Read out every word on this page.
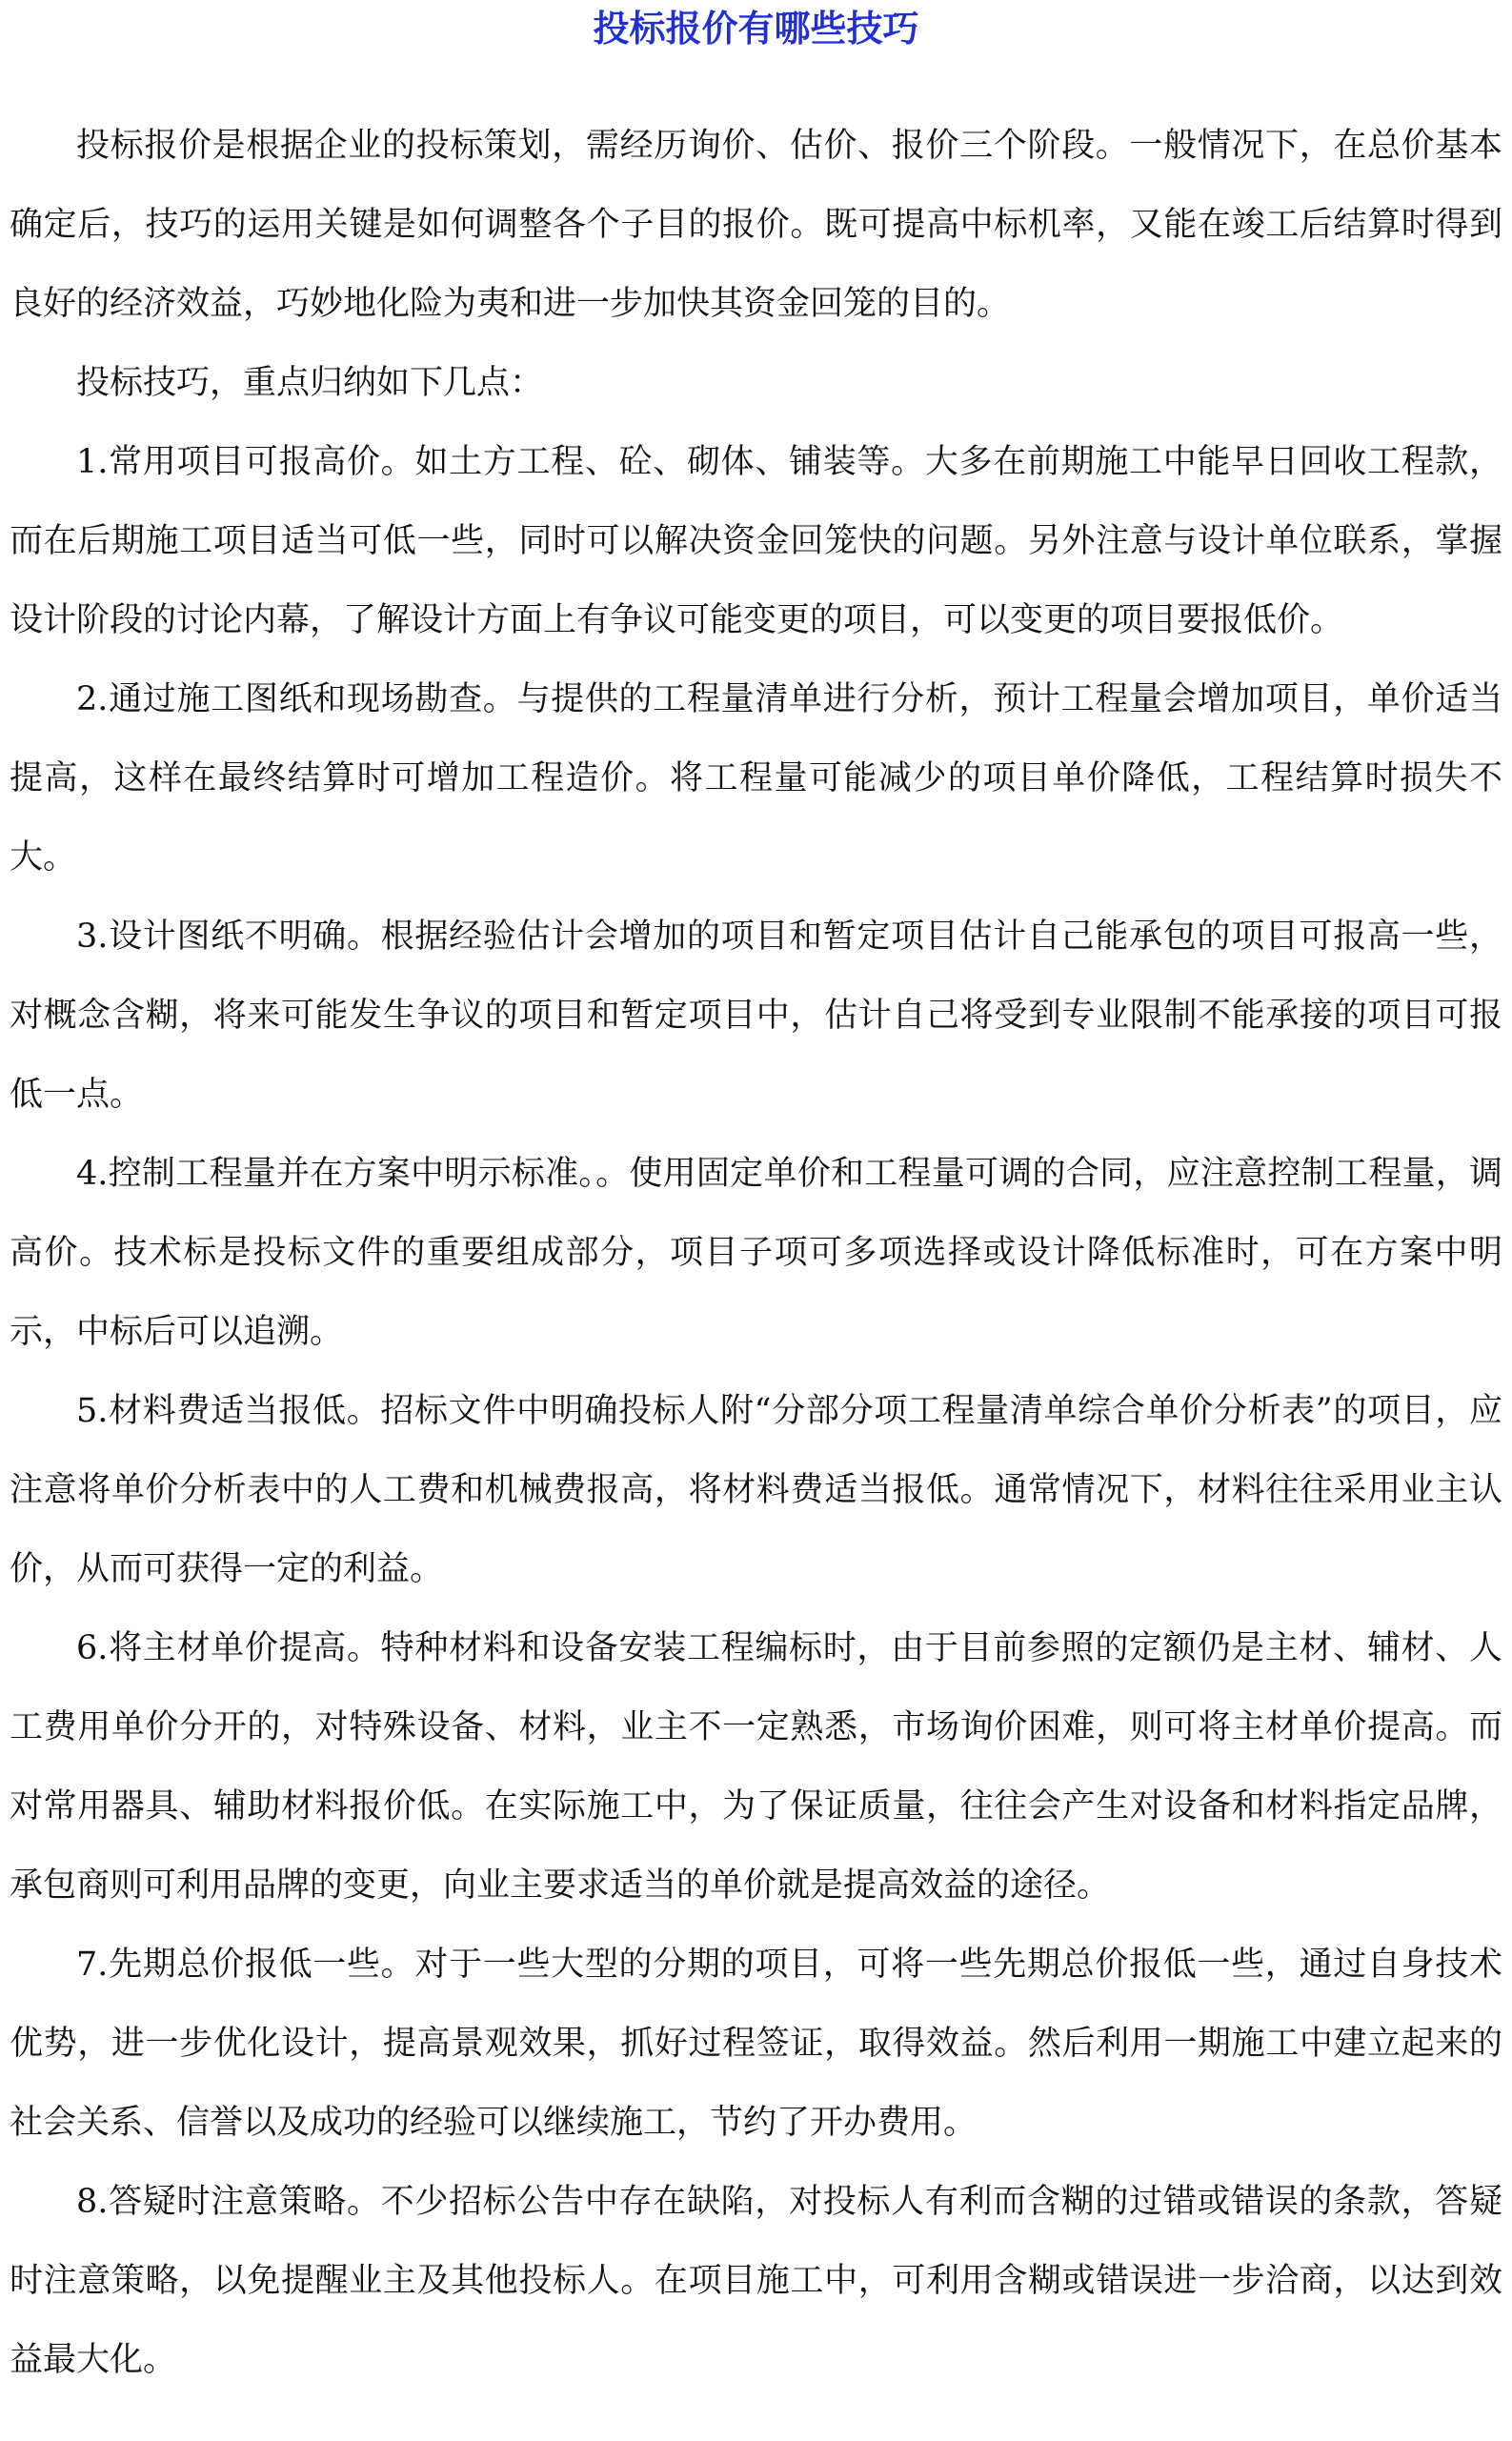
投标报价有哪些技巧

投标报价是根据企业的投标策划，需经历询价、估价、报价三个阶段。一般情况下，在总价基本确定后，技巧的运用关键是如何调整各个子目的报价。既可提高中标机率，又能在竣工后结算时得到良好的经济效益，巧妙地化险为夷和进一步加快其资金回笼的目的。

投标技巧，重点归纳如下几点：

1.常用项目可报高价。如土方工程、砼、砌体、铺装等。大多在前期施工中能早日回收工程款，而在后期施工项目适当可低一些，同时可以解决资金回笼快的问题。另外注意与设计单位联系，掌握设计阶段的讨论内幕，了解设计方面上有争议可能变更的项目，可以变更的项目要报低价。

2.通过施工图纸和现场勘查。与提供的工程量清单进行分析，预计工程量会增加项目，单价适当提高，这样在最终结算时可增加工程造价。将工程量可能减少的项目单价降低，工程结算时损失不大。

3.设计图纸不明确。根据经验估计会增加的项目和暂定项目估计自己能承包的项目可报高一些，对概念含糊，将来可能发生争议的项目和暂定项目中，估计自己将受到专业限制不能承接的项目可报低一点。

4.控制工程量并在方案中明示标准。。使用固定单价和工程量可调的合同，应注意控制工程量，调高价。技术标是投标文件的重要组成部分，项目子项可多项选择或设计降低标准时，可在方案中明示，中标后可以追溯。

5.材料费适当报低。招标文件中明确投标人附“分部分项工程量清单综合单价分析表”的项目，应注意将单价分析表中的人工费和机械费报高，将材料费适当报低。通常情况下，材料往往采用业主认价，从而可获得一定的利益。

6.将主材单价提高。特种材料和设备安装工程编标时，由于目前参照的定额仍是主材、辅材、人工费用单价分开的，对特殊设备、材料，业主不一定熟悉，市场询价困难，则可将主材单价提高。而对常用器具、辅助材料报价低。在实际施工中，为了保证质量，往往会产生对设备和材料指定品牌，承包商则可利用品牌的变更，向业主要求适当的单价就是提高效益的途径。

7.先期总价报低一些。对于一些大型的分期的项目，可将一些先期总价报低一些，通过自身技术优势，进一步优化设计，提高景观效果，抓好过程签证，取得效益。然后利用一期施工中建立起来的社会关系、信誉以及成功的经验可以继续施工，节约了开办费用。

8.答疑时注意策略。不少招标公告中存在缺陷，对投标人有利而含糊的过错或错误的条款，答疑时注意策略，以免提醒业主及其他投标人。在项目施工中，可利用含糊或错误进一步洽商，以达到效益最大化。
